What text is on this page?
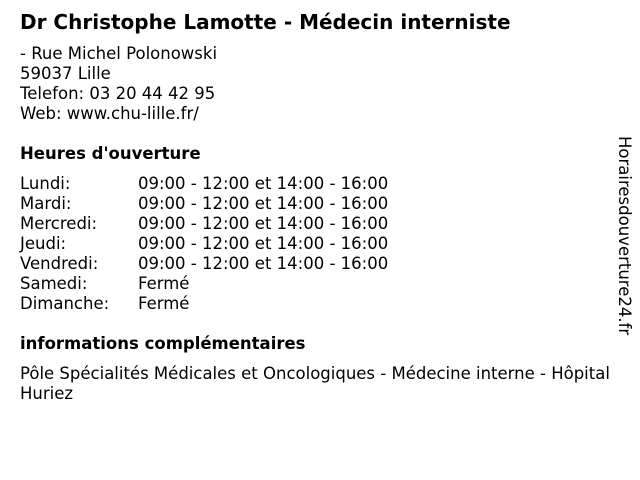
Dr Christophe Lamotte - Médecin interniste
- Rue Michel Polonowski
59037 Lille
Telefon: 03 20 44 42 95
Web: www.chu-lille.fr/
Heures d'ouverture
Lundi:	09:00 - 12:00 et 14:00 - 16:00
Mardi:	09:00 - 12:00 et 14:00 - 16:00
Mercredi: 09:00 - 12:00 et 14:00 - 16:00
Jeudi:	09:00 - 12:00 et 14:00 - 16:00
Vendredi: 09:00 - 12:00 et 14:00 - 16:00
Samedi:	Fermé
Dimanche: Fermé
informations complémentaires
Pôle Spécialités Médicales et Oncologiques - Médecine interne - Hôpital Huriez
Horairesdouverture24.fr
